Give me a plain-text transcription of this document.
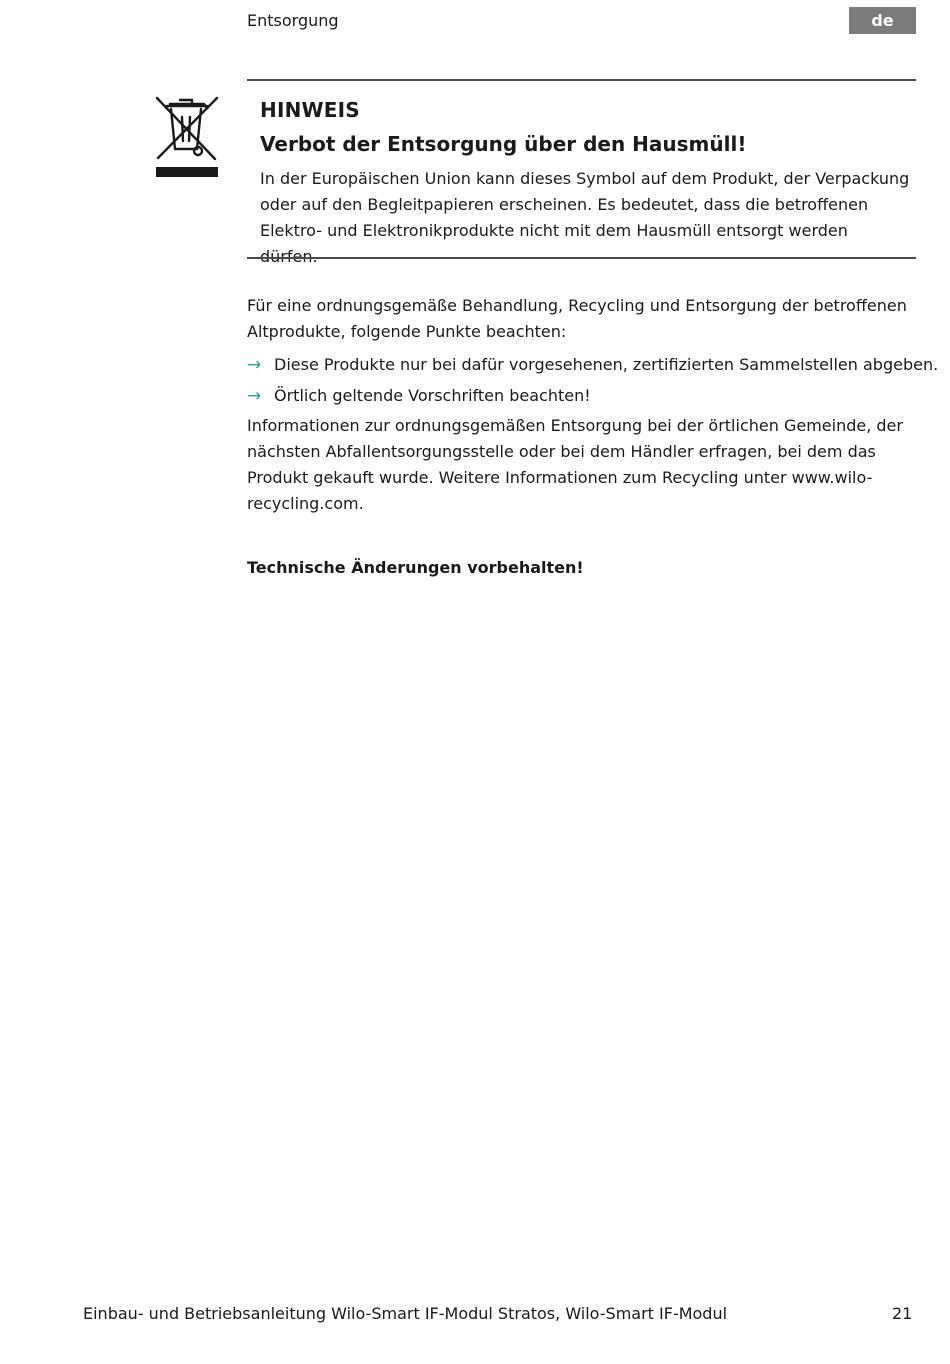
Entsorgung	de
HINWEIS
Verbot der Entsorgung über den Hausmüll!

In der Europäischen Union kann dieses Symbol auf dem Produkt, der Verpackung oder auf den Begleitpapieren erscheinen. Es bedeutet, dass die betroffenen Elektro- und Elektronikprodukte nicht mit dem Hausmüll entsorgt werden

Für eine ordnungsgemäße Behandlung, Recycling und Entsorgung der betroffenen Altprodukte, folgende Punkte beachten:

→ Diese Produkte nur bei dafür vorgesehenen, zertifizierten Sammelstellen abgeben.
→ Örtlich geltende Vorschriften beachten!

Informationen zur ordnungsgemäßen Entsorgung bei der örtlichen Gemeinde, der nächsten Abfallentsorgungsstelle oder bei dem Händler erfragen, bei dem das Produkt gekauft wurde. Weitere Informationen zum Recycling unter www.wilo-recycling.com.

Technische Änderungen vorbehalten!
Einbau- und Betriebsanleitung Wilo-Smart IF-Modul Stratos, Wilo-Smart IF-Modul	21
